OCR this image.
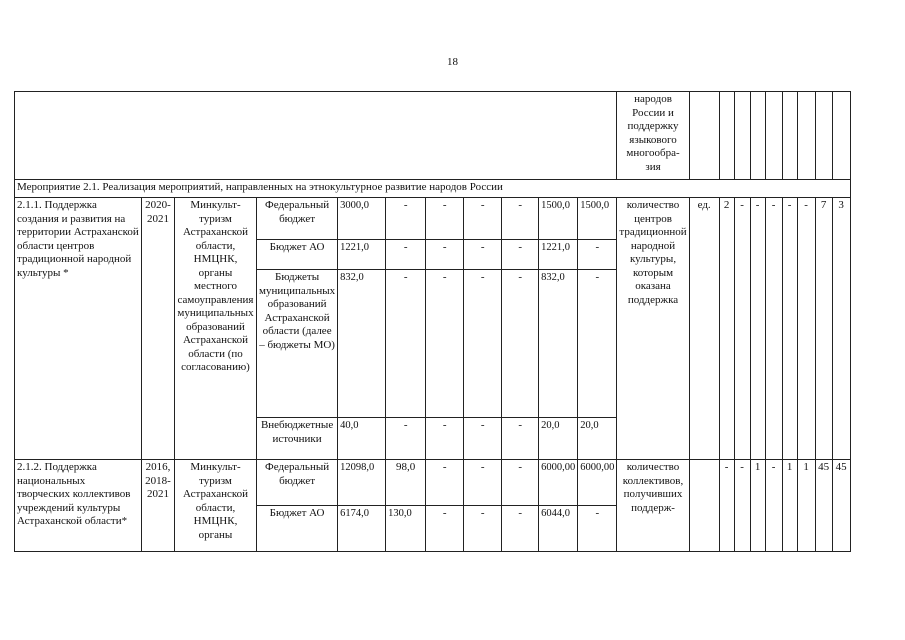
18
											народов России и поддержку языкового многообра-зия									
Мероприятие 2.1. Реализация мероприятий, направленных на этнокультурное развитие народов России																				
2.1.1. Поддержка создания и развития на территории Астраханской области центров традиционной народной культуры *	2020-2021	Минкульт-туризм Астраханской области, НМЦНК, органы местного самоуправления муниципальных образований Астраханской области (по согласованию)	Федеральный бюджет	3000,0	-	-	-	-	1500,0	1500,0	количество центров традиционной народной культуры, которым оказана поддержка	ед.	2	-	-	-	-	-	7	3
			Бюджет АО	1221,0	-	-	-	-	1221,0	-										
			Бюджеты муниципальных образований Астраханской области (далее – бюджеты МО)	832,0	-	-	-	-	832,0	-										
			Внебюджетные источники	40,0	-	-	-	-	20,0	20,0										
2.1.2. Поддержка национальных творческих коллективов учреждений культуры Астраханской области*	2016, 2018-2021	Минкульт-туризм Астраханской области, НМЦНК, органы	Федеральный бюджет	12098,0	98,0	-	-	-	6000,00	6000,00	количество коллективов, получивших поддерж-		-	-	1	-	1	1	45	45
			Бюджет АО	6174,0	130,0	-	-	-	6044,0	-										
